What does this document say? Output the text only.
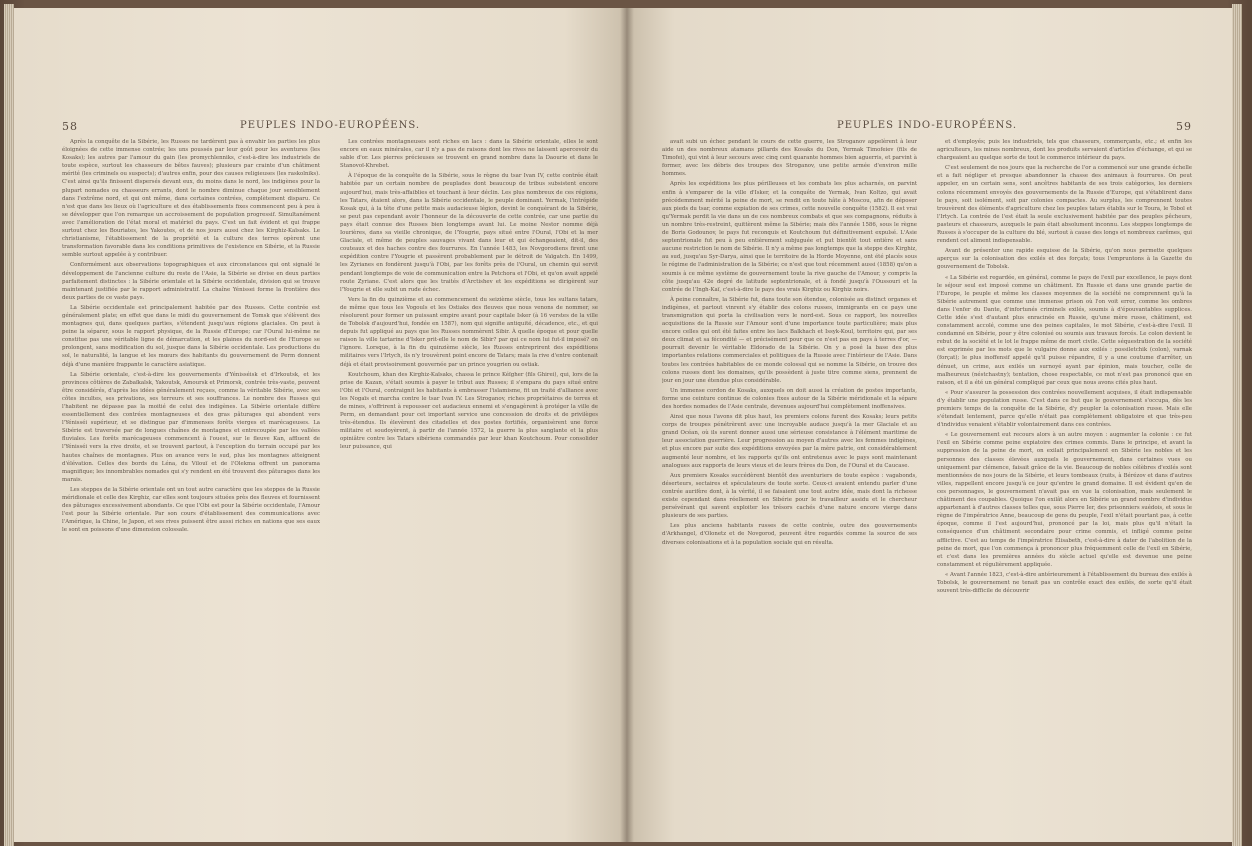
58	PEUPLES INDO-EUROPÉENS.

Après la conquête de la Sibérie, les Russes ne tardèrent pas à envahir les parties les plus éloignées de cette immense contrée; les uns poussés par leur goût pour les aventures (les Kosaks); les autres par l'amour du gain (les promychlenniks, c'est-à-dire les industriels de toute espèce, surtout les chasseurs de bêtes fauves); plusieurs par crainte d'un châtiment mérité (les criminels ou suspects); d'autres enfin, pour des causes religieuses (les raskolniks). C'est ainsi qu'ils finissent dispersés devant eux, du moins dans le nord, les indigènes pour la plupart nomades ou chasseurs errants, dont le nombre diminue chaque jour sensiblement dans l'extrême nord, et qui ont même, dans certaines contrées, complètement disparu. Ce n'est que dans les lieux où l'agriculture et des établissements fixes commencent peu à peu à se développer que l'on remarque un accroissement de population progressif. Simultanément avec l'amélioration de l'état moral et matériel du pays. C'est un fait évident et qui frappe surtout chez les Bouriates, les Yakoutes, et de nos jours aussi chez les Kirghiz-Kaïsaks. Le christianisme, l'établissement de la propriété et la culture des terres opèrent une transformation favorable dans les conditions primitives de l'existence en Sibérie, et la Russie semble surtout appelée à y contribuer.

Conformément aux observations topographiques et aux circonstances qui ont signalé le développement de l'ancienne culture du reste de l'Asie, la Sibérie se divise en deux parties parfaitement distinctes : la Sibérie orientale et la Sibérie occidentale, division qui se trouve maintenant justifiée par le rapport administratif. La chaîne Yénissei forme la frontière des deux parties de ce vaste pays.

La Sibérie occidentale est principalement habitée par des Russes. Cette contrée est généralement plate; en effet que dans le midi du gouvernement de Tomsk que s'élèvent des montagnes qui, dans quelques parties, s'étendent jusqu'aux régions glaciales. On peut à peine la séparer, sous le rapport physique, de la Russie d'Europe; car l'Oural lui-même ne constitue pas une véritable ligne de démarcation, et les plaines du nord-est de l'Europe se prolongent, sans modification du sol, jusque dans la Sibérie occidentale. Les productions du sol, le naturalité, la langue et les mœurs des habitants du gouvernement de Perm donnent déjà d'une manière frappante le caractère asiatique.

La Sibérie orientale, c'est-à-dire les gouvernements d'Yénisséisk et d'Irkoutsk, et les provinces côtières de Zabaïkalsk, Yakoutsk, Amoursk et Primorsk, contrée très-vaste, peuvent être considérés, d'après les idées généralement reçues, comme la véritable Sibérie, avec ses côtes incultes, ses privations, ses terreurs et ses souffrances. Le nombre des Russes qui l'habitent ne dépasse pas la moitié de celui des indigènes. La Sibérie orientale diffère essentiellement des contrées montagneuses et des gras pâturages qui abondent vers l'Yénisséi supérieur, et se distingue par d'immenses forêts vierges et marécageuses. La Sibérie est traversée par de longues chaînes de montagnes et entrecoupée par les vallées fluviales. Les forêts marécageuses commencent à l'ouest, sur le fleuve Kan, affluent de l'Yénisséi vers la rive droite, et se trouvent partout, à l'exception du terrain occupé par les hautes chaînes de montagnes. Plus on avance vers le sud, plus les montagnes atteignent d'élévation. Celles des bords du Léna, du Vilouï et de l'Olekma offrent un panorama magnifique; les innombrables nomades qui s'y rendent en été trouvent des pâturages dans les marais.

Les steppes de la Sibérie orientale ont un tout autre caractère que les steppes de la Russie méridionale et celle des Kirghiz, car elles sont toujours situées près des fleuves et fournissent des pâturages excessivement abondants. Ce que l'Obi est pour la Sibérie occidentale, l'Amour l'est pour la Sibérie orientale. Par son cours d'établissement des communications avec l'Amérique, la Chine, le Japon, et ses rives puissent être aussi riches en nations que ses eaux le sont en poissons d'une dimension colossale.

Les contrées montagneuses sont riches en lacs : dans la Sibérie orientale, elles le sont encore en eaux minérales, car il n'y a pas de raisons dont les rives ne laissent apercevoir du sable d'or. Les pierres précieuses se trouvent en grand nombre dans la Daourie et dans le Stanovoï-Khrebet.

À l'époque de la conquête de la Sibérie, sous le règne du tsar Ivan IV, cette contrée était habitée par un certain nombre de peuplades dont beaucoup de tribus subsistent encore aujourd'hui, mais très-affaiblies et touchant à leur déclin. Les plus nombreux de ces régions, les Tatars, étaient alors, dans la Sibérie occidentale, le peuple dominant. Yermak, l'intrépide Kosak qui, à la tête d'une petite mais audacieuse légion, devint le conquérant de la Sibérie, se peut pas cependant avoir l'honneur de la découverte de cette contrée, car une partie du pays était connue des Russes bien longtemps avant lui. Le moine Nestor nomme déjà Iourières, dans sa vieille chronique, de l'Yougrie, pays situé entre l'Oural, l'Obi et la mer Glaciale, et même de peuples sauvages vivant dans leur et qui échangeaient, dit-il, des couteaux et des haches contre des fourrures. En l'année 1483, les Novgorodiens firent une expédition contre l'Yougrie et passèrent probablement par le détroit de Vaïgatch. En 1499, les Zyrianes en fondèrent jusqu'à l'Obi, par les forêts près de l'Oural, un chemin qui servit pendant longtemps de voie de communication entre la Petchora et l'Obi, et qu'on avait appelé route Zyriane. C'est alors que les traités d'Arctishev et les expéditions se dirigèrent sur l'Yougrie et elle subit un rude échec.

Vers la fin du quinzième et au commencement du seizième siècle, tous les sultans tatars, de même que tous les Vogouls et les Ostiaks des fleuves que nous venons de nommer, se résolurent pour former un puissant empire avant pour capitale Isker (à 16 verstes de la ville de Tobolsk d'aujourd'hui, fondée en 1587), nom qui signifie antiquité, décadence, etc., et qui depuis fut appliqué au pays que les Russes nommèrent Sibir. À quelle époque et pour quelle raison la ville tartarine d'Isker prit-elle le nom de Sibir? par qui ce nom lui fut-il imposé? on l'ignore. Lorsque, à la fin du quinzième siècle, les Russes entreprirent des expéditions militaires vers l'Irtych, ils n'y trouvèrent point encore de Tatars; mais la rive d'entre contenait déjà et était provisoirement gouvernée par un prince yougrien ou ostiak.

Koutchoum, khan des Kirghiz-Kaïsaks, chassa le prince Kéïgher (fils Ghirei), qui, lors de la prise de Kazan, s'était soumis à payer le tribut aux Russes; il s'empara du pays situé entre l'Obi et l'Oural, contraignit les habitants à embrasser l'islamisme, fit un traité d'alliance avec les Nogaïs et marcha contre le tsar Ivan IV. Les Stroganov, riches propriétaires de terres et de mines, s'offrirent à repousser cet audacieux ennemi et s'engagèrent à protéger la ville de Perm, en demandant pour cet important service une concession de droits et de privilèges très-étendus. Ils élevèrent des citadelles et des postes fortifiés, organisèrent une force militaire et soudoyèrent, à partir de l'année 1572, la guerre la plus sanglante et la plus opiniâtre contre les Tatars sibériens commandés par leur khan Koutchoum. Pour consolider leur puissance, qui

PEUPLES INDO-EUROPÉENS.	59

avait subi un échec pendant le cours de cette guerre, les Stroganov appelèrent à leur aide un des nombreux atamans pillards des Kosaks du Don, Yermak Timofeiev (fils de Timofei), qui vint à leur secours avec cinq cent quarante hommes bien aguerris, et parvint à former, avec les débris des troupes des Stroganov, une petite armée d'environ mille hommes.

Après les expéditions les plus périlleuses et les combats les plus acharnés, on parvint enfin à s'emparer de la ville d'Isker, et la conquête de Yermak, Ivan Koltzo, qui avait précédemment mérité la peine de mort, se rendit en toute hâte à Moscou, afin de déposer aux pieds du tsar, comme expiation de ses crimes, cette nouvelle conquête (1582). Il est vrai qu'Yermak perdit la vie dans un de ces nombreux combats et que ses compagnons, réduits à un nombre très-restreint, quittèrent même la Sibérie; mais dès l'année 1586, sous le règne de Boris Godounov, le pays fut reconquis et Koutchoum fut définitivement expulsé. L'Asie septentrionale fut peu à peu entièrement subjuguée et put bientôt tout entière et sans aucune restriction le nom de Sibérie. Il n'y a même pas longtemps que la steppe des Kirghiz, au sud, jusqu'au Syr-Darya, ainsi que le territoire de la Horde Moyenne, ont été placés sous le régime de l'administration de la Sibérie; ce n'est que tout récemment aussi (1858) qu'on a soumis à ce même système de gouvernement toute la rive gauche de l'Amour, y compris la côte jusqu'au 42e degré de latitude septentrionale, et à fondé jusqu'à l'Oussouri et la contrée de l'Ingh-Kaï, c'est-à-dire le pays des vrais Kirghiz ou Kirghiz noirs.

À peine connaître, la Sibérie fut, dans toute son étendue, colonisée au distinct organes et indigènes, et partout vinrent s'y établir des colons russes, immigrants en ce pays une transmigration qui porta la civilisation vers le nord-est. Sous ce rapport, les nouvelles acquisitions de la Russie sur l'Amour sont d'une importance toute particulière; mais plus encore celles qui ont été faites entre les lacs Balkhach et Issyk-Koul, territoire qui, par ses deux climat et sa fécondité — et précisément pour que ce n'est pas en pays à terres d'or, — pourrait devenir le véritable Eldorado de la Sibérie. On y a posé la base des plus importantes relations commerciales et politiques de la Russie avec l'intérieur de l'Asie. Dans toutes les contrées habitables de ce monde colossal qui se nomme la Sibérie, on trouve des colons russes dont les domaines, qu'ils possèdent à juste titre comme siens, prennent de jour en jour une étendue plus considérable.

Un immense cordon de Kosaks, auxquels on doit aussi la création de postes importants, forme une ceinture continue de colonies fixes autour de la Sibérie méridionale et la sépare des hordes nomades de l'Asie centrale, devenues aujourd'hui complètement inoffensives.

Ainsi que nous l'avons dit plus haut, les premiers colons furent des Kosaks; leurs petits corps de troupes pénétrèrent avec une incroyable audace jusqu'à la mer Glaciale et au grand Océan, où ils surent donner aussi une sérieuse consistance à l'élément maritime de leur association guerrière. Leur progression au moyen d'autres avec les femmes indigènes, et plus encore par suite des expéditions envoyées par la mère patrie, ont considérablement augmenté leur nombre, et les rapports qu'ils ont entretenus avec le pays sont maintenant analogues aux rapports de leurs vieux et de leurs frères du Don, de l'Oural et du Caucase.

Aux premiers Kosaks succédèrent bientôt des aventuriers de toute espèce : vagabonds, déserteurs, sectaires et spéculateurs de toute sorte. Ceux-ci avaient entendu parler d'une contrée aurifère dont, à la vérité, il se faisaient une tout autre idée, mais dont la richesse existe cependant dans réellement en Sibérie pour le travailleur assidu et le chercheur persévérant qui savent exploiter les trésors cachés d'une nature encore vierge dans plusieurs de ses parties.

Les plus anciens habitants russes de cette contrée, outre des gouvernements d'Arkhangel, d'Olonetz et de Novgorod, peuvent être regardés comme la source de ses diverses colonisations et à la population sociale qui en résulta.

et d'employés; puis les industriels, tels que chasseurs, commerçants, etc.; et enfin les agriculteurs, les mines nombreux, dont les produits servaient d'articles d'échange, et qui se chargeaient au quelque sorte de tout le commerce intérieur du pays.

C'est seulement de nos jours que la recherche de l'or a commencé sur une grande échelle et a fait négliger et presque abandonner la chasse des animaux à fourrures. On peut appeler, en un certain sens, sont ancêtres habitants de ses trois catégories, les derniers colons récemment envoyés des gouvernements de la Russie d'Europe, qui s'établirent dans le pays, soit isolément, soit par colonies compactes. Au surplus, les comprennent toutes trouvèrent des éléments d'agriculture chez les peuples tatars établis sur le Toura, le Tobol et l'Irtych. La contrée de l'est était la seule exclusivement habitée par des peuples pêcheurs, pasteurs et chasseurs, auxquels le pain était absolument inconnu. Les steppes longtemps de Russes à s'occuper de la culture du blé, surtout à cause des longs et nombreux carêmes, qui rendent cet aliment indispensable.

Avant de présenter une rapide esquisse de la Sibérie, qu'on nous permette quelques aperçus sur la colonisation des exilés et des forçats; tous l'empruntons à la Gazette du gouvernement de Tobolsk.

« La Sibérie est regardée, en général, comme le pays de l'exil par excellence, le pays dont le séjour seul est imposé comme un châtiment. En Russie et dans une grande partie de l'Europe, le peuple et même les classes moyennes de la société ne comprennent qu'à la Sibérie autrement que comme une immense prison où l'on voit errer, comme les ombres dans l'enfer du Dante, d'infortunés criminels exilés, soumis à d'épouvantables supplices. Cette idée s'est d'autant plus enracinée en Russie, qu'une mère russe, châtiment, est constamment accolé, comme une des peines capitales, le mot Sibérie, c'est-à-dire l'exil. Il condamné en Sibérie, pour y être colonisé ou soumis aux travaux forcés. Le colon devient le rebut de la société et le lot le frappe même de mort civile. Cette séquestration de la société est exprimée par les mots que le vulgaire donne aux exilés : possiletchik (colon), varnak (forçat); le plus inoffensif appelé qu'il puisse répandre, il y a une coutume d'arrêter, un dénuet, un crime, aux exilés un surnoyé ayant par épinion, mais toucher, celle de malheureux (néstchastny); tentation, chose respectable, ce mot n'est pas prononcé que en raison, et il a été un général compliqué par ceux que nous avons cités plus haut.

« Pour s'assurer la possession des contrées nouvellement acquises, il était indispensable d'y établir une population russe. C'est dans ce but que le gouvernement s'occupa, dès les premiers temps de la conquête de la Sibérie, d'y peupler la colonisation russe. Mais elle s'étendait lentement, parce qu'elle n'était pas complètement obligatoire et que très-peu d'individus venaient s'établir volontairement dans ces contrées.

« Le gouvernement eut recours alors à un autre moyen : augmenter la colonie : ce fut l'exil en Sibérie comme peine expiatoire des crimes commis. Dans le principe, et avant la suppression de la peine de mort, on exilait principalement en Sibérie les nobles et les personnes des classes élevées auxquels le gouvernement, dans certaines vues ou uniquement par clémence, faisait grâce de la vie. Beaucoup de nobles célèbres d'exilés sont mentionnées de nos jours de la Sibérie, et leurs tombeaux (ruits, à Bérézov et dans d'autres villes, rappellent encore jusqu'à ce jour qu'entre le grand domaine. Il est évident qu'en de ces personnages, le gouvernement n'avait pas en vue la colonisation, mais seulement le châtiment des coupables. Quoique l'on exilât alors en Sibérie un grand nombre d'individus appartenant à d'autres classes telles que, sous Pierre Ier, des prisonniers suédois, et sous le règne de l'impératrice Anne, beaucoup de gens du peuple, l'exil n'était pourtant pas, à cette époque, comme il l'est aujourd'hui, prononcé par la loi, mais plus qu'il n'était la conséquence d'un châtiment secondaire pour crime commis, et infligé comme peine afflictive. C'est au temps de l'impératrice Élisabeth, c'est-à-dire à dater de l'abolition de la peine de mort, que l'on commença à prononcer plus fréquemment celle de l'exil en Sibérie, et c'est dans les premières années du siècle actuel qu'elle est devenue une peine constamment et régulièrement appliquée.

« Avant l'année 1823, c'est-à-dire antérieurement à l'établissement du bureau des exilés à Tobolsk, le gouvernement ne tenait pas un contrôle exact des exilés, de sorte qu'il était souvent très-difficile de découvrir
